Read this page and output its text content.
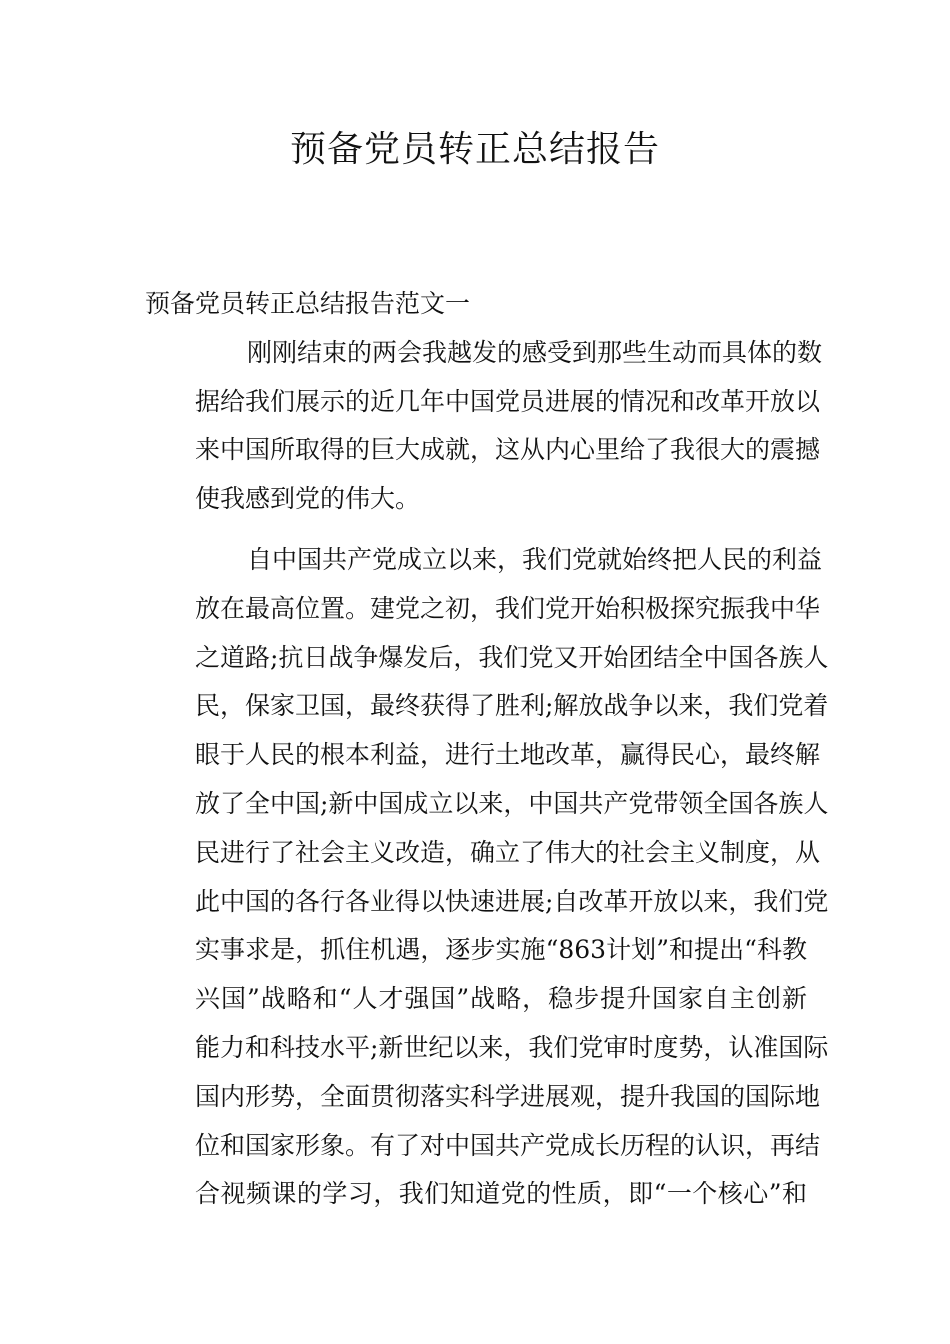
预备党员转正总结报告
预备党员转正总结报告范文一
刚刚结束的两会我越发的感受到那些生动而具体的数
据给我们展示的近几年中国党员进展的情况和改革开放以
来中国所取得的巨大成就，这从内心里给了我很大的震撼
使我感到党的伟大。
自中国共产党成立以来，我们党就始终把人民的利益
放在最高位置。建党之初，我们党开始积极探究振我中华
之道路;抗日战争爆发后，我们党又开始团结全中国各族人
民，保家卫国，最终获得了胜利;解放战争以来，我们党着
眼于人民的根本利益，进行土地改革，赢得民心，最终解
放了全中国;新中国成立以来，中国共产党带领全国各族人
民进行了社会主义改造，确立了伟大的社会主义制度，从
此中国的各行各业得以快速进展;自改革开放以来，我们党
实事求是，抓住机遇，逐步实施“863计划”和提出“科教
兴国”战略和“人才强国”战略，稳步提升国家自主创新
能力和科技水平;新世纪以来，我们党审时度势，认准国际
国内形势，全面贯彻落实科学进展观，提升我国的国际地
位和国家形象。有了对中国共产党成长历程的认识，再结
合视频课的学习，我们知道党的性质，即“一个核心”和
